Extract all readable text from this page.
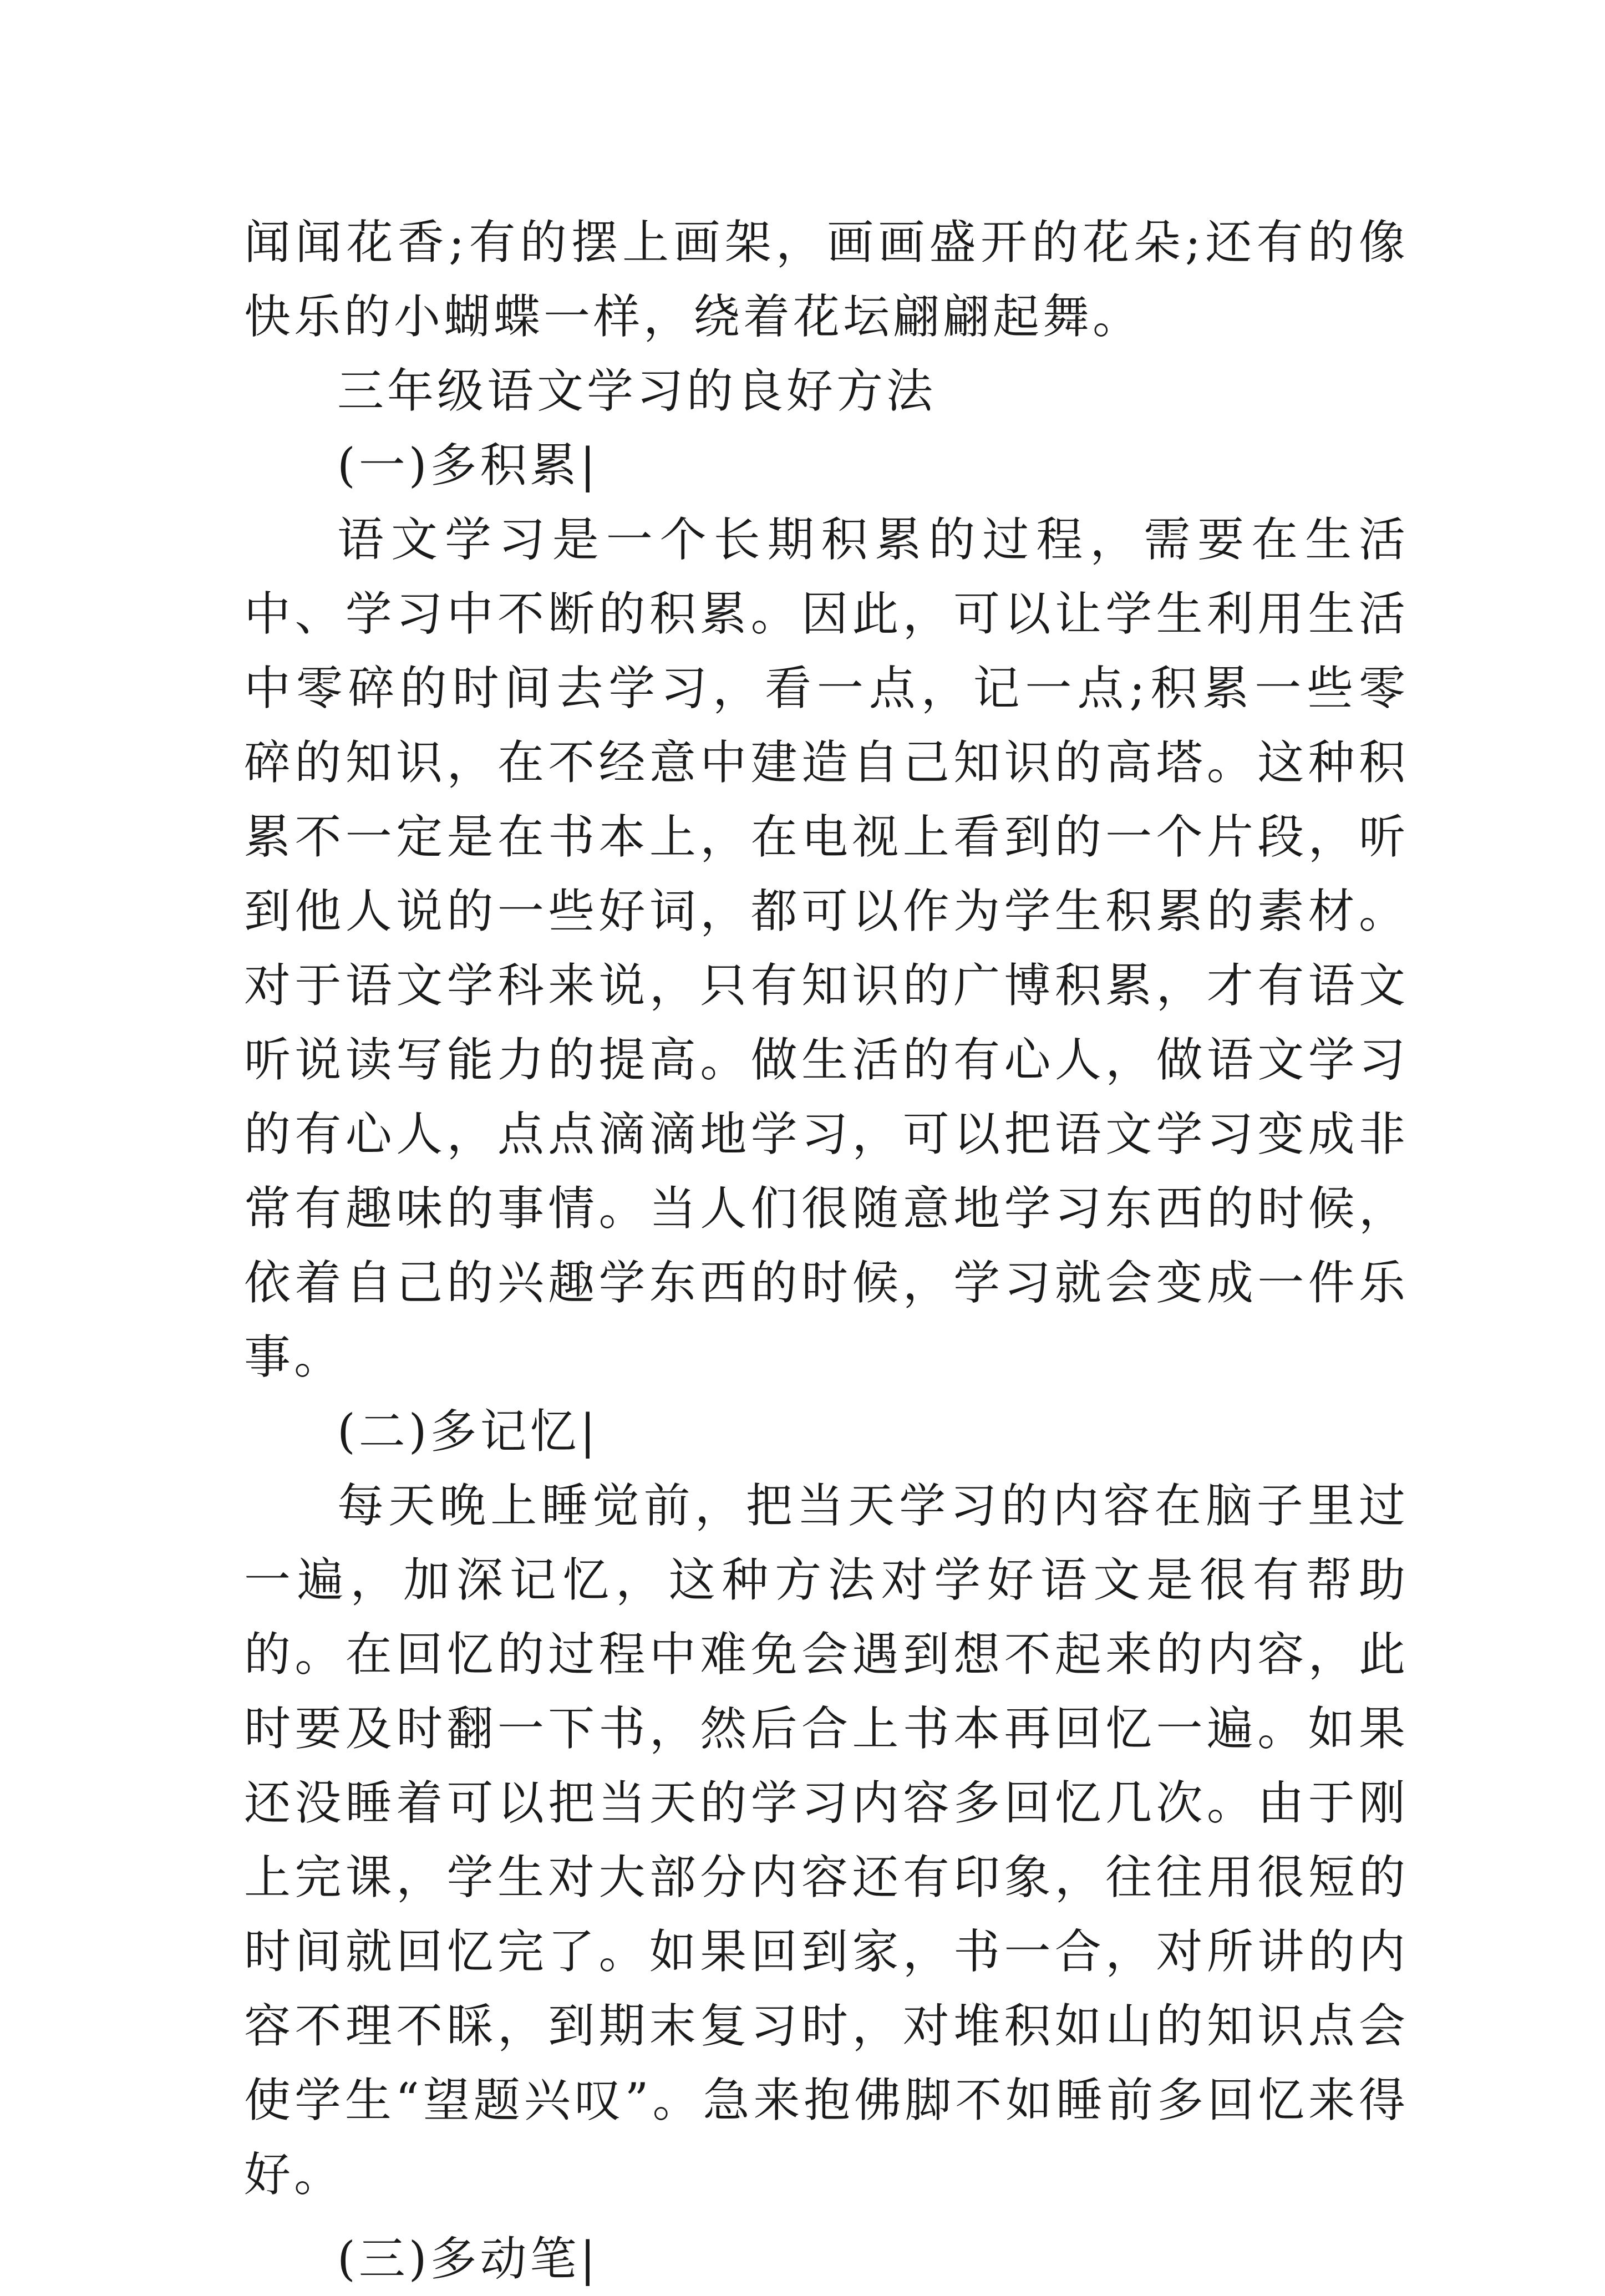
闻闻花香;有的摆上画架，画画盛开的花朵;还有的像快乐的小蝴蝶一样，绕着花坛翩翩起舞。

三年级语文学习的良好方法

(一)多积累|

语文学习是一个长期积累的过程，需要在生活中、学习中不断的积累。因此，可以让学生利用生活中零碎的时间去学习，看一点，记一点;积累一些零碎的知识，在不经意中建造自己知识的高塔。这种积累不一定是在书本上，在电视上看到的一个片段，听到他人说的一些好词，都可以作为学生积累的素材。对于语文学科来说，只有知识的广博积累，才有语文听说读写能力的提高。做生活的有心人，做语文学习的有心人，点点滴滴地学习，可以把语文学习变成非常有趣味的事情。当人们很随意地学习东西的时候，依着自己的兴趣学东西的时候，学习就会变成一件乐事。

(二)多记忆|

每天晚上睡觉前，把当天学习的内容在脑子里过一遍，加深记忆，这种方法对学好语文是很有帮助的。在回忆的过程中难免会遇到想不起来的内容，此时要及时翻一下书，然后合上书本再回忆一遍。如果还没睡着可以把当天的学习内容多回忆几次。由于刚上完课，学生对大部分内容还有印象，往往用很短的时间就回忆完了。如果回到家，书一合，对所讲的内容不理不睬，到期末复习时，对堆积如山的知识点会使学生“望题兴叹”。急来抱佛脚不如睡前多回忆来得好。

(三)多动笔|
